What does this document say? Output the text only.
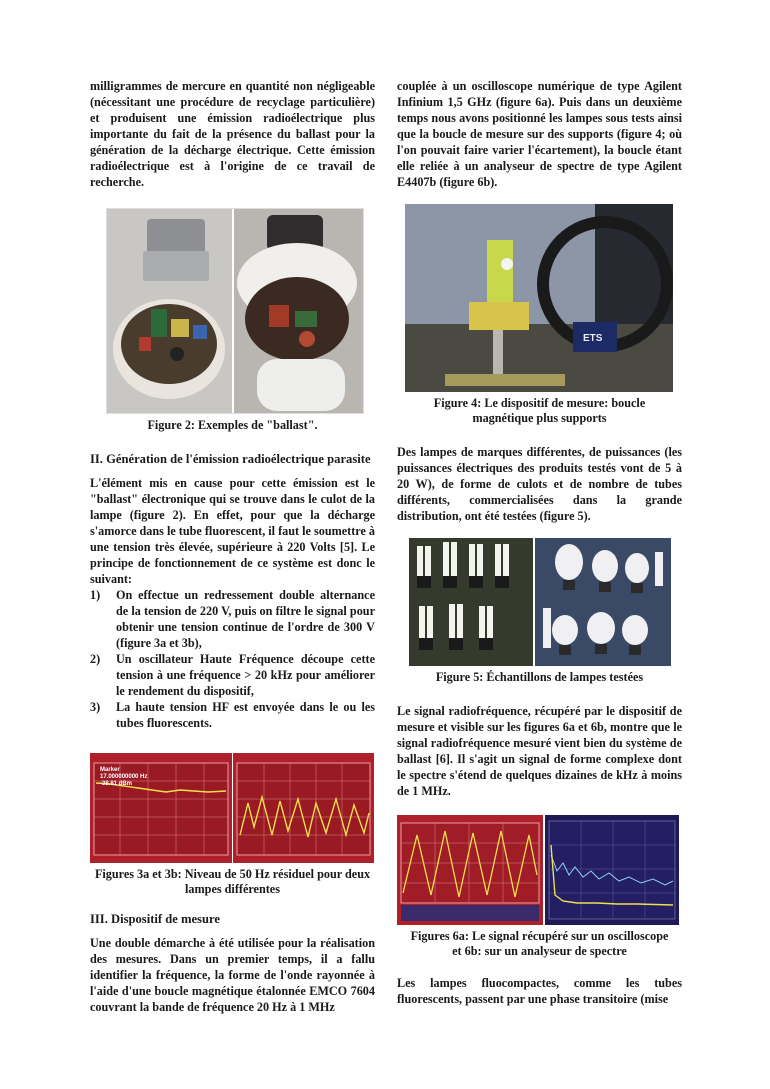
milligrammes de mercure en quantité non négligeable (nécessitant une procédure de recyclage particulière) et produisent une émission radioélectrique plus importante du fait de la présence du ballast pour la génération de la décharge électrique. Cette émission radioélectrique est à l'origine de ce travail de recherche.

Figure 2: Exemples de "ballast".

II. Génération de l'émission radioélectrique parasite

L'élément mis en cause pour cette émission est le "ballast" électronique qui se trouve dans le culot de la lampe (figure 2). En effet, pour que la décharge s'amorce dans le tube fluorescent, il faut le soumettre à une tension très élevée, supérieure à 220 Volts [5]. Le principe de fonctionnement de ce système est donc le suivant:

1) On effectue un redressement double alternance de la tension de 220 V, puis on filtre le signal pour obtenir une tension continue de l'ordre de 300 V (figure 3a et 3b),
2) Un oscillateur Haute Fréquence découpe cette tension à une fréquence > 20 kHz pour améliorer le rendement du dispositif,
3) La haute tension HF est envoyée dans le ou les tubes fluorescents.
Marker
17.000000000 Hz
-38.81 dBm
Figures 3a et 3b: Niveau de 50 Hz résiduel pour deux lampes différentes

III. Dispositif de mesure

Une double démarche à été utilisée pour la réalisation des mesures. Dans un premier temps, il a fallu identifier la fréquence, la forme de l'onde rayonnée à l'aide d'une boucle magnétique étalonnée EMCO 7604 couvrant la bande de fréquence 20 Hz à 1 MHz

couplée à un oscilloscope numérique de type Agilent Infinium 1,5 GHz (figure 6a). Puis dans un deuxième temps nous avons positionné les lampes sous tests ainsi que la boucle de mesure sur des supports (figure 4; où l'on pouvait faire varier l'écartement), la boucle étant elle reliée à un analyseur de spectre de type Agilent E4407b (figure 6b).

ETS
Figure 4: Le dispositif de mesure: boucle magnétique plus supports

Des lampes de marques différentes, de puissances (les puissances électriques des produits testés vont de 5 à 20 W), de forme de culots et de nombre de tubes différents, commercialisées dans la grande distribution, ont été testées (figure 5).

Figure 5: Échantillons de lampes testées

Le signal radiofréquence, récupéré par le dispositif de mesure et visible sur les figures 6a et 6b, montre que le signal radiofréquence mesuré vient bien du système de ballast [6]. Il s'agit un signal de forme complexe dont le spectre s'étend de quelques dizaines de kHz à moins de 1 MHz.

Figures 6a: Le signal récupéré sur un oscilloscope et 6b: sur un analyseur de spectre

Les lampes fluocompactes, comme les tubes fluorescents, passent par une phase transitoire (mise
